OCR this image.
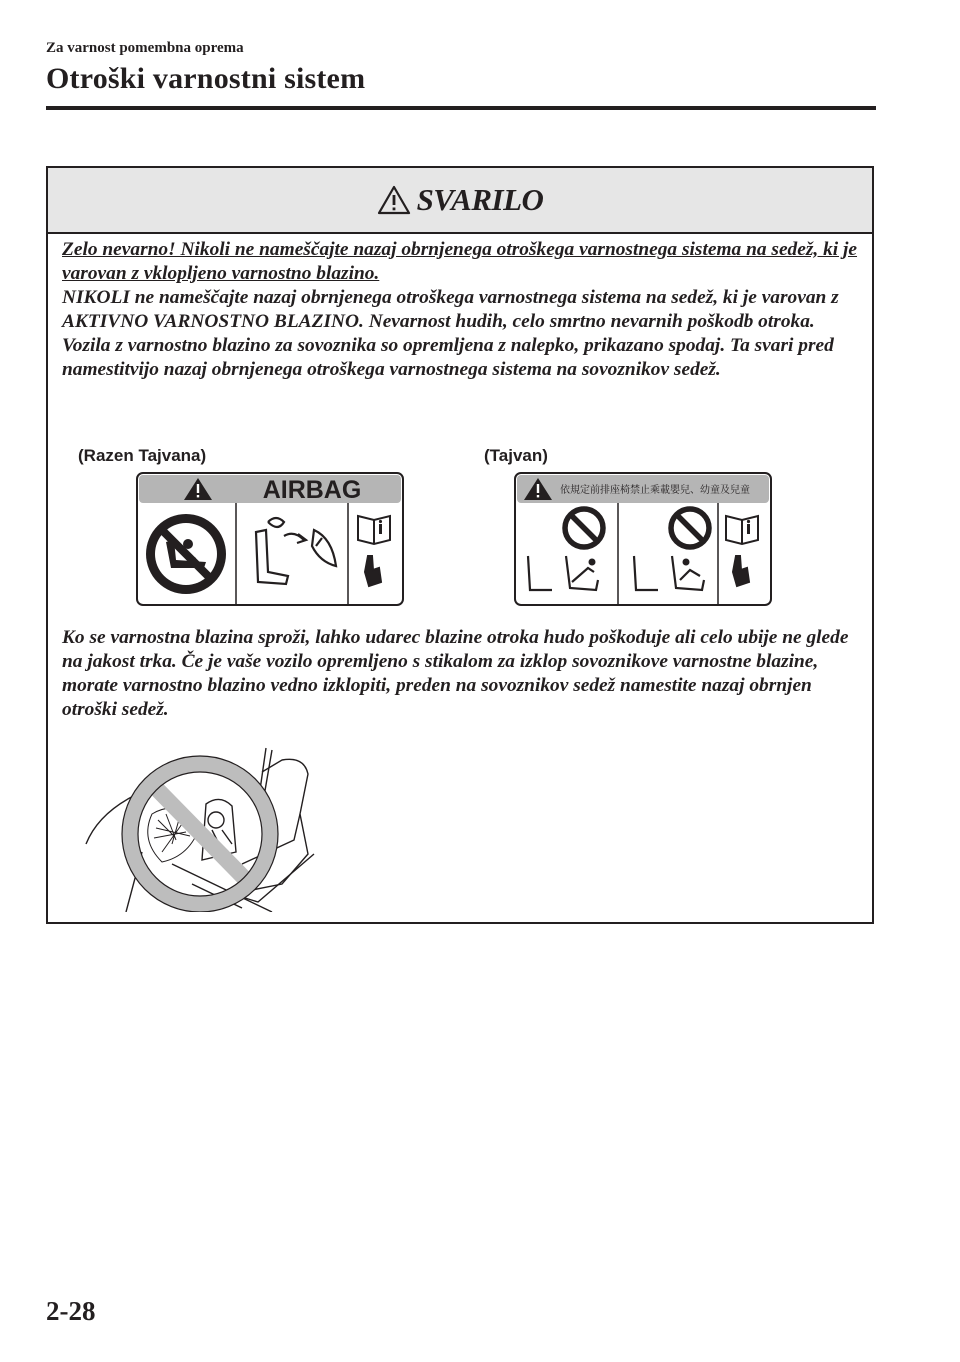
Za varnost pomembna oprema
Otroški varnostni sistem
SVARILO

Zelo nevarno! Nikoli ne nameščajte nazaj obrnjenega otroškega varnostnega sistema na sedež, ki je varovan z vklopljeno varnostno blazino.
NIKOLI ne nameščajte nazaj obrnjenega otroškega varnostnega sistema na sedež, ki je varovan z AKTIVNO VARNOSTNO BLAZINO. Nevarnost hudih, celo smrtno nevarnih poškodb otroka. Vozila z varnostno blazino za sovoznika so opremljena z nalepko, prikazano spodaj. Ta svari pred namestitvijo nazaj obrnjenega otroškega varnostnega sistema na sovoznikov sedež.

(Razen Tajvana)	(Tajvan)
AIRBAG	依規定前排座椅禁止乘載嬰兒、幼童及兒童

Ko se varnostna blazina sproži, lahko udarec blazine otroka hudo poškoduje ali celo ubije ne glede na jakost trka. Če je vaše vozilo opremljeno s stikalom za izklop sovoznikove varnostne blazine, morate varnostno blazino vedno izklopiti, preden na sovoznikov sedež namestite nazaj obrnjen otroški sedež.

2-28
